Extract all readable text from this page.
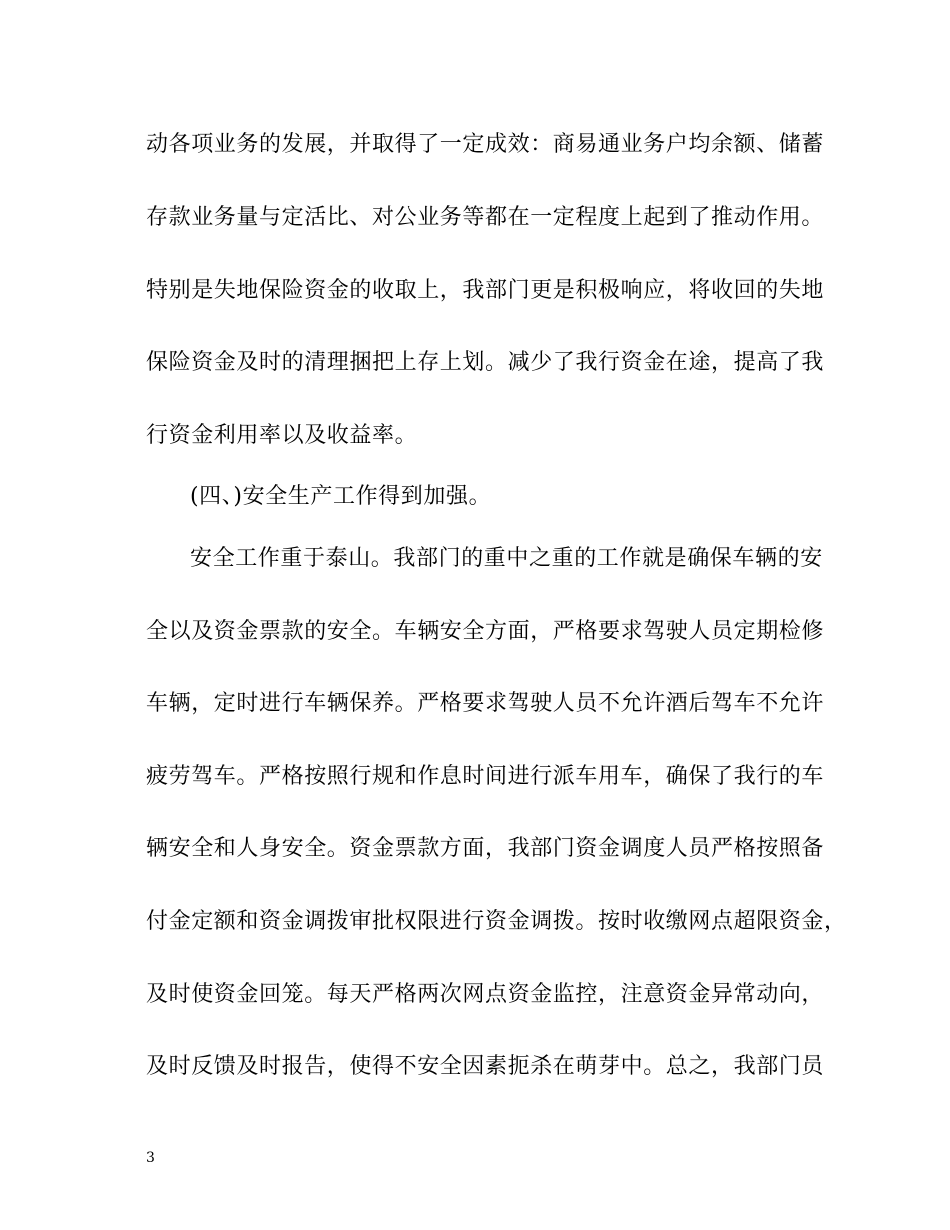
动各项业务的发展，并取得了一定成效：商易通业务户均余额、储蓄
存款业务量与定活比、对公业务等都在一定程度上起到了推动作用。
特别是失地保险资金的收取上，我部门更是积极响应，将收回的失地
保险资金及时的清理捆把上存上划。减少了我行资金在途，提高了我
行资金利用率以及收益率。
(四、)安全生产工作得到加强。
安全工作重于泰山。我部门的重中之重的工作就是确保车辆的安
全以及资金票款的安全。车辆安全方面，严格要求驾驶人员定期检修
车辆，定时进行车辆保养。严格要求驾驶人员不允许酒后驾车不允许
疲劳驾车。严格按照行规和作息时间进行派车用车，确保了我行的车
辆安全和人身安全。资金票款方面，我部门资金调度人员严格按照备
付金定额和资金调拨审批权限进行资金调拨。按时收缴网点超限资金，
及时使资金回笼。每天严格两次网点资金监控，注意资金异常动向，
及时反馈及时报告，使得不安全因素扼杀在萌芽中。总之，我部门员
3
